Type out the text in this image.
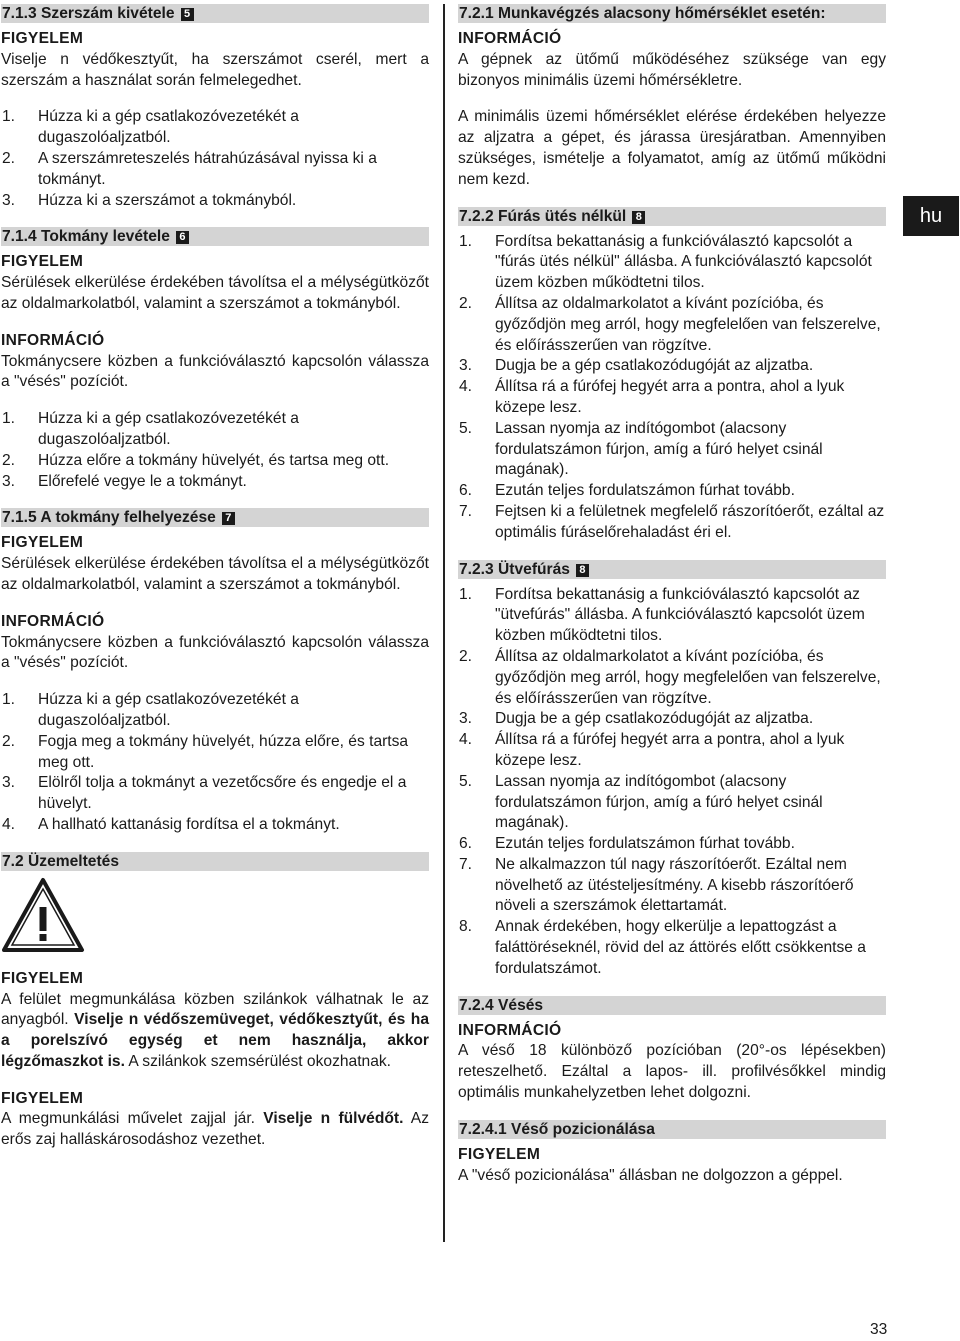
7.1.3 Szerszám kivétele 5
FIGYELEM

Viselje n védőkesztyűt, ha szerszámot cserél, mert a szerszám a használat során felmelegedhet.

1. Húzza ki a gép csatlakozóvezetékét a dugaszolóaljzatból.
2. A szerszámreteszelés hátrahúzásával nyissa ki a tokmányt.
3. Húzza ki a szerszámot a tokmányból.
7.1.4 Tokmány levétele 6
FIGYELEM

Sérülések elkerülése érdekében távolítsa el a mélységütközőt az oldalmarkolatból, valamint a szerszámot a tokmányból.

INFORMÁCIÓ

Tokmánycsere közben a funkcióválasztó kapcsolón válassza a "vésés" pozíciót.

1. Húzza ki a gép csatlakozóvezetékét a dugaszolóaljzatból.
2. Húzza előre a tokmány hüvelyét, és tartsa meg ott.
3. Előrefelé vegye le a tokmányt.
7.1.5 A tokmány felhelyezése 7
FIGYELEM

Sérülések elkerülése érdekében távolítsa el a mélységütközőt az oldalmarkolatból, valamint a szerszámot a tokmányból.

INFORMÁCIÓ

Tokmánycsere közben a funkcióválasztó kapcsolón válassza a "vésés" pozíciót.

1. Húzza ki a gép csatlakozóvezetékét a dugaszolóaljzatból.
2. Fogja meg a tokmány hüvelyét, húzza előre, és tartsa meg ott.
3. Elölről tolja a tokmányt a vezetőcsőre és engedje el a hüvelyt.
4. A hallható kattanásig fordítsa el a tokmányt.
7.2 Üzemeltetés
FIGYELEM

A felület megmunkálása közben szilánkok válhatnak le az anyagból. Viselje n védőszemüveget, védőkesztyűt, és ha a porelszívó egység et nem használja, akkor légzőmaszkot is. A szilánkok szemsérülést okozhatnak.

FIGYELEM

A megmunkálási művelet zajjal jár. Viselje n fülvédőt. Az erős zaj halláskárosodáshoz vezethet.

7.2.1 Munkavégzés alacsony hőmérséklet esetén:
INFORMÁCIÓ

A gépnek az ütőmű működéséhez szüksége van egy bizonyos minimális üzemi hőmérsékletre.

A minimális üzemi hőmérséklet elérése érdekében helyezze az aljzatra a gépet, és járassa üresjáratban. Amennyiben szükséges, ismételje a folyamatot, amíg az ütőmű működni nem kezd.

7.2.2 Fúrás ütés nélkül 8
1. Fordítsa bekattanásig a funkcióválasztó kapcsolót a "fúrás ütés nélkül" állásba. A funkcióválasztó kapcsolót üzem közben működtetni tilos.
2. Állítsa az oldalmarkolatot a kívánt pozícióba, és győződjön meg arról, hogy megfelelően van felszerelve, és előírásszerűen van rögzítve.
3. Dugja be a gép csatlakozódugóját az aljzatba.
4. Állítsa rá a fúrófej hegyét arra a pontra, ahol a lyuk közepe lesz.
5. Lassan nyomja az indítógombot (alacsony fordulatszámon fúrjon, amíg a fúró helyet csinál magának).
6. Ezután teljes fordulatszámon fúrhat tovább.
7. Fejtsen ki a felületnek megfelelő rászorítóerőt, ezáltal az optimális fúráselőrehaladást éri el.
7.2.3 Ütvefúrás 8
1. Fordítsa bekattanásig a funkcióválasztó kapcsolót az "ütvefúrás" állásba. A funkcióválasztó kapcsolót üzem közben működtetni tilos.
2. Állítsa az oldalmarkolatot a kívánt pozícióba, és győződjön meg arról, hogy megfelelően van felszerelve, és előírásszerűen van rögzítve.
3. Dugja be a gép csatlakozódugóját az aljzatba.
4. Állítsa rá a fúrófej hegyét arra a pontra, ahol a lyuk közepe lesz.
5. Lassan nyomja az indítógombot (alacsony fordulatszámon fúrjon, amíg a fúró helyet csinál magának).
6. Ezután teljes fordulatszámon fúrhat tovább.
7. Ne alkalmazzon túl nagy rászorítóerőt. Ezáltal nem növelhető az ütésteljesítmény. A kisebb rászorítóerő növeli a szerszámok élettartamát.
8. Annak érdekében, hogy elkerülje a lepattogzást a faláttöréseknél, rövid del az áttörés előtt csökkentse a fordulatszámot.
7.2.4 Vésés
INFORMÁCIÓ

A véső 18 különböző pozícióban (20°-os lépésekben) reteszelhető. Ezáltal a lapos- ill. profilvésőkkel mindig optimális munkahelyzetben lehet dolgozni.

7.2.4.1 Véső pozicionálása
FIGYELEM

A "véső pozicionálása" állásban ne dolgozzon a géppel.

hu
33
